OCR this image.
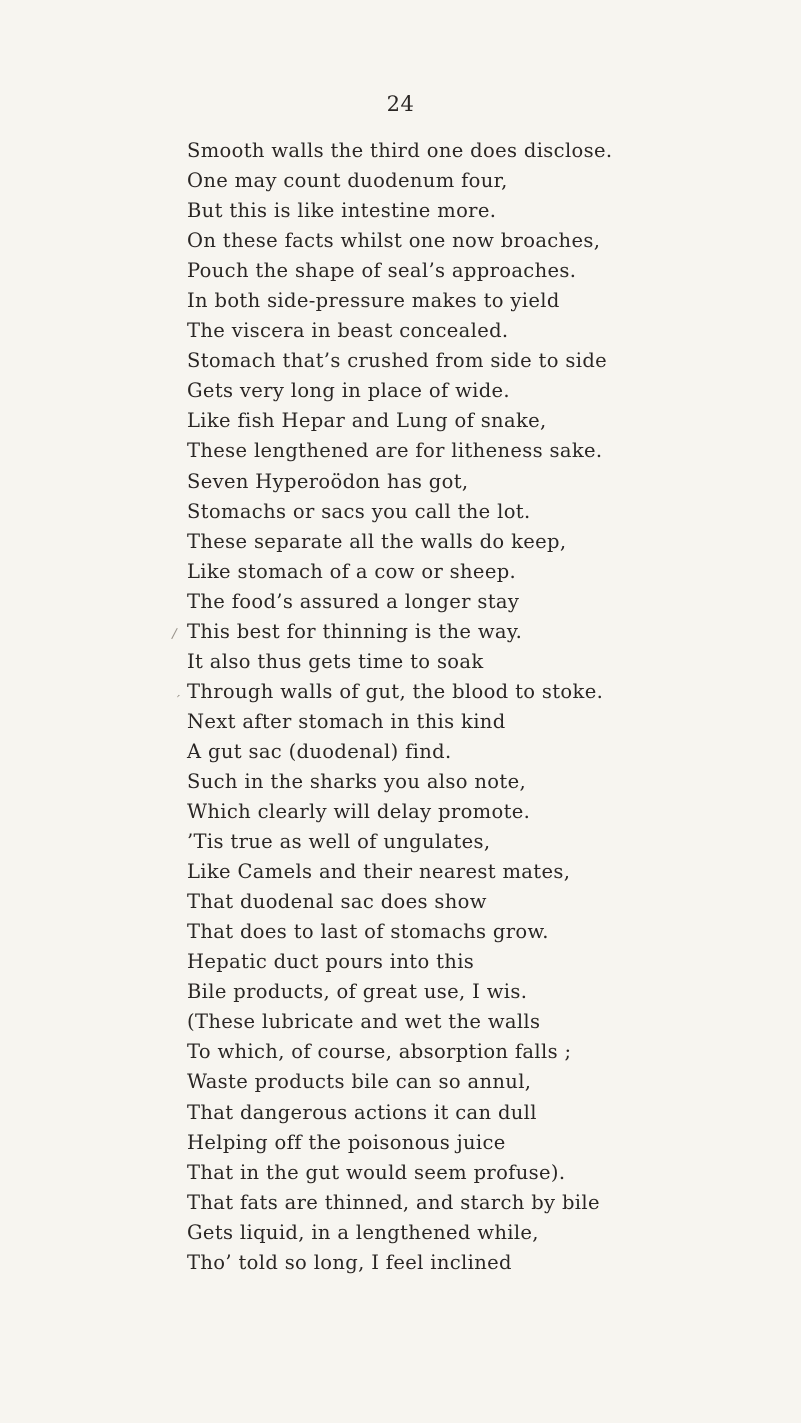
24
Smooth walls the third one does disclose.
One may count duodenum four,
But this is like intestine more.
On these facts whilst one now broaches,
Pouch the shape of seal’s approaches.
In both side-pressure makes to yield
The viscera in beast concealed.
Stomach that’s crushed from side to side
Gets very long in place of wide.
Like fish Hepar and Lung of snake,
These lengthened are for litheness sake.
Seven Hyperoödon has got,
Stomachs or sacs you call the lot.
These separate all the walls do keep,
Like stomach of a cow or sheep.
The food’s assured a longer stay
This best for thinning is the way.
It also thus gets time to soak
Through walls of gut, the blood to stoke.
Next after stomach in this kind
A gut sac (duodenal) find.
Such in the sharks you also note,
Which clearly will delay promote.
’Tis true as well of ungulates,
Like Camels and their nearest mates,
That duodenal sac does show
That does to last of stomachs grow.
Hepatic duct pours into this
Bile products, of great use, I wis.
(These lubricate and wet the walls
To which, of course, absorption falls ;
Waste products bile can so annul,
That dangerous actions it can dull
Helping off the poisonous juice
That in the gut would seem profuse).
That fats are thinned, and starch by bile
Gets liquid, in a lengthened while,
Tho’ told so long, I feel inclined
/
′
